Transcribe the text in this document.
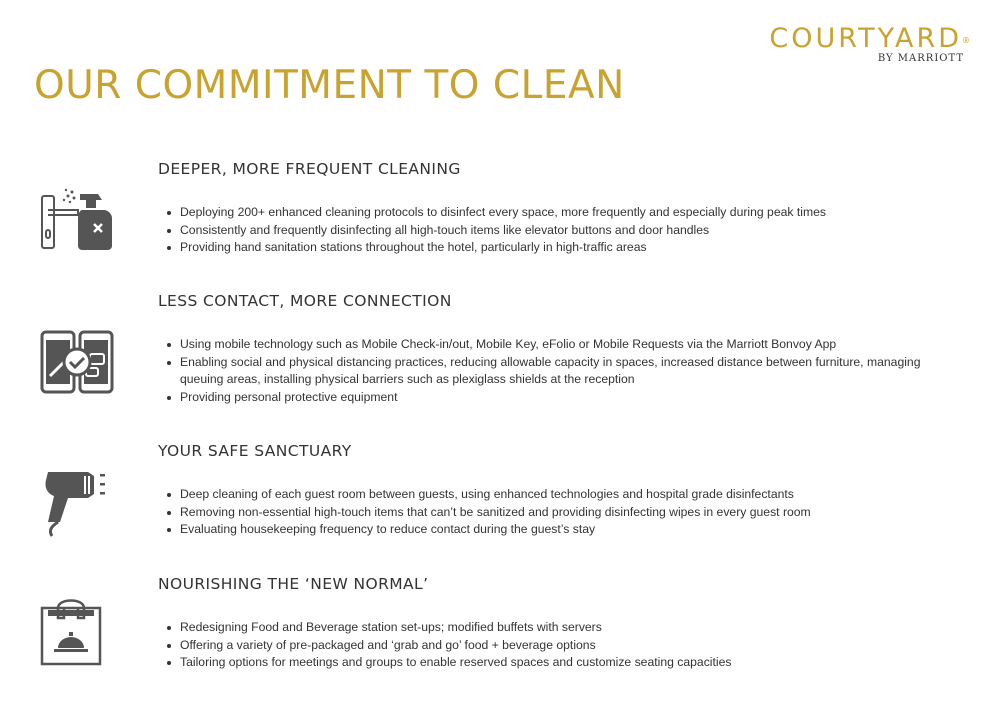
COURTYARD®
BY MARRIOTT
OUR COMMITMENT TO CLEAN
DEEPER, MORE FREQUENT CLEANING
Deploying 200+ enhanced cleaning protocols to disinfect every space, more frequently and especially during peak times
Consistently and frequently disinfecting all high-touch items like elevator buttons and door handles
Providing hand sanitation stations throughout the hotel, particularly in high-traffic areas
LESS CONTACT, MORE CONNECTION
Using mobile technology such as Mobile Check-in/out, Mobile Key, eFolio or Mobile Requests via the Marriott Bonvoy App
Enabling social and physical distancing practices, reducing allowable capacity in spaces, increased distance between furniture, managing queuing areas, installing physical barriers such as plexiglass shields at the reception
Providing personal protective equipment
YOUR SAFE SANCTUARY
Deep cleaning of each guest room between guests, using enhanced technologies and hospital grade disinfectants
Removing non-essential high-touch items that can’t be sanitized and providing disinfecting wipes in every guest room
Evaluating housekeeping frequency to reduce contact during the guest’s stay
NOURISHING THE ‘NEW NORMAL’
Redesigning Food and Beverage station set-ups; modified buffets with servers
Offering a variety of pre-packaged and ‘grab and go’ food + beverage options
Tailoring options for meetings and groups to enable reserved spaces and customize seating capacities
